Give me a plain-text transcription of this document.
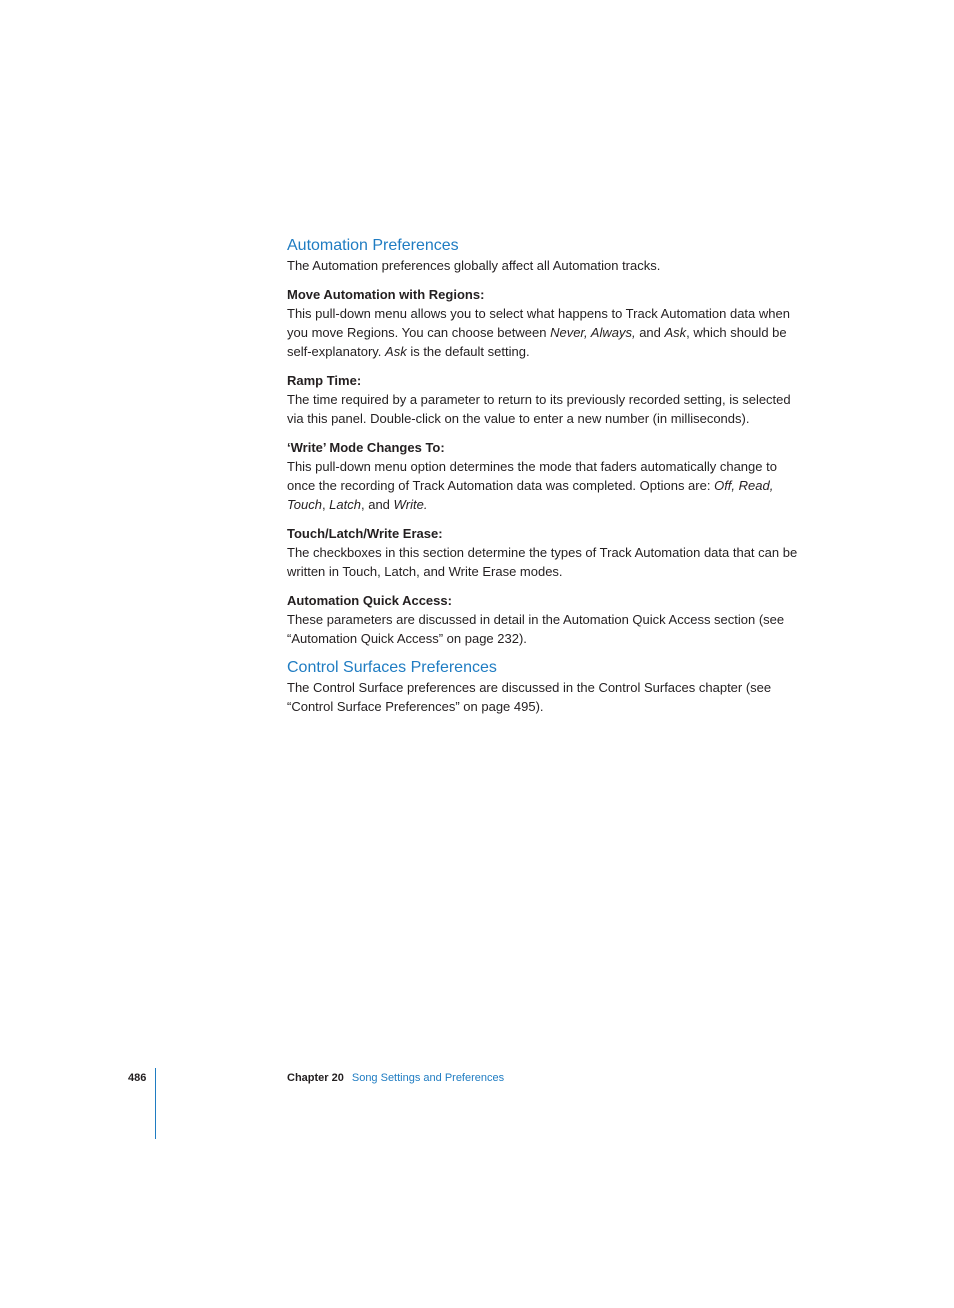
Automation Preferences

The Automation preferences globally affect all Automation tracks.

Move Automation with Regions:

This pull-down menu allows you to select what happens to Track Automation data when you move Regions. You can choose between Never, Always, and Ask, which should be self-explanatory. Ask is the default setting.

Ramp Time:

The time required by a parameter to return to its previously recorded setting, is selected via this panel. Double-click on the value to enter a new number (in milliseconds).

‘Write’ Mode Changes To:

This pull-down menu option determines the mode that faders automatically change to once the recording of Track Automation data was completed. Options are: Off, Read, Touch, Latch, and Write.

Touch/Latch/Write Erase:

The checkboxes in this section determine the types of Track Automation data that can be written in Touch, Latch, and Write Erase modes.

Automation Quick Access:

These parameters are discussed in detail in the Automation Quick Access section (see “Automation Quick Access” on page 232).

Control Surfaces Preferences

The Control Surface preferences are discussed in the Control Surfaces chapter (see “Control Surface Preferences” on page 495).

486	Chapter 20 Song Settings and Preferences
